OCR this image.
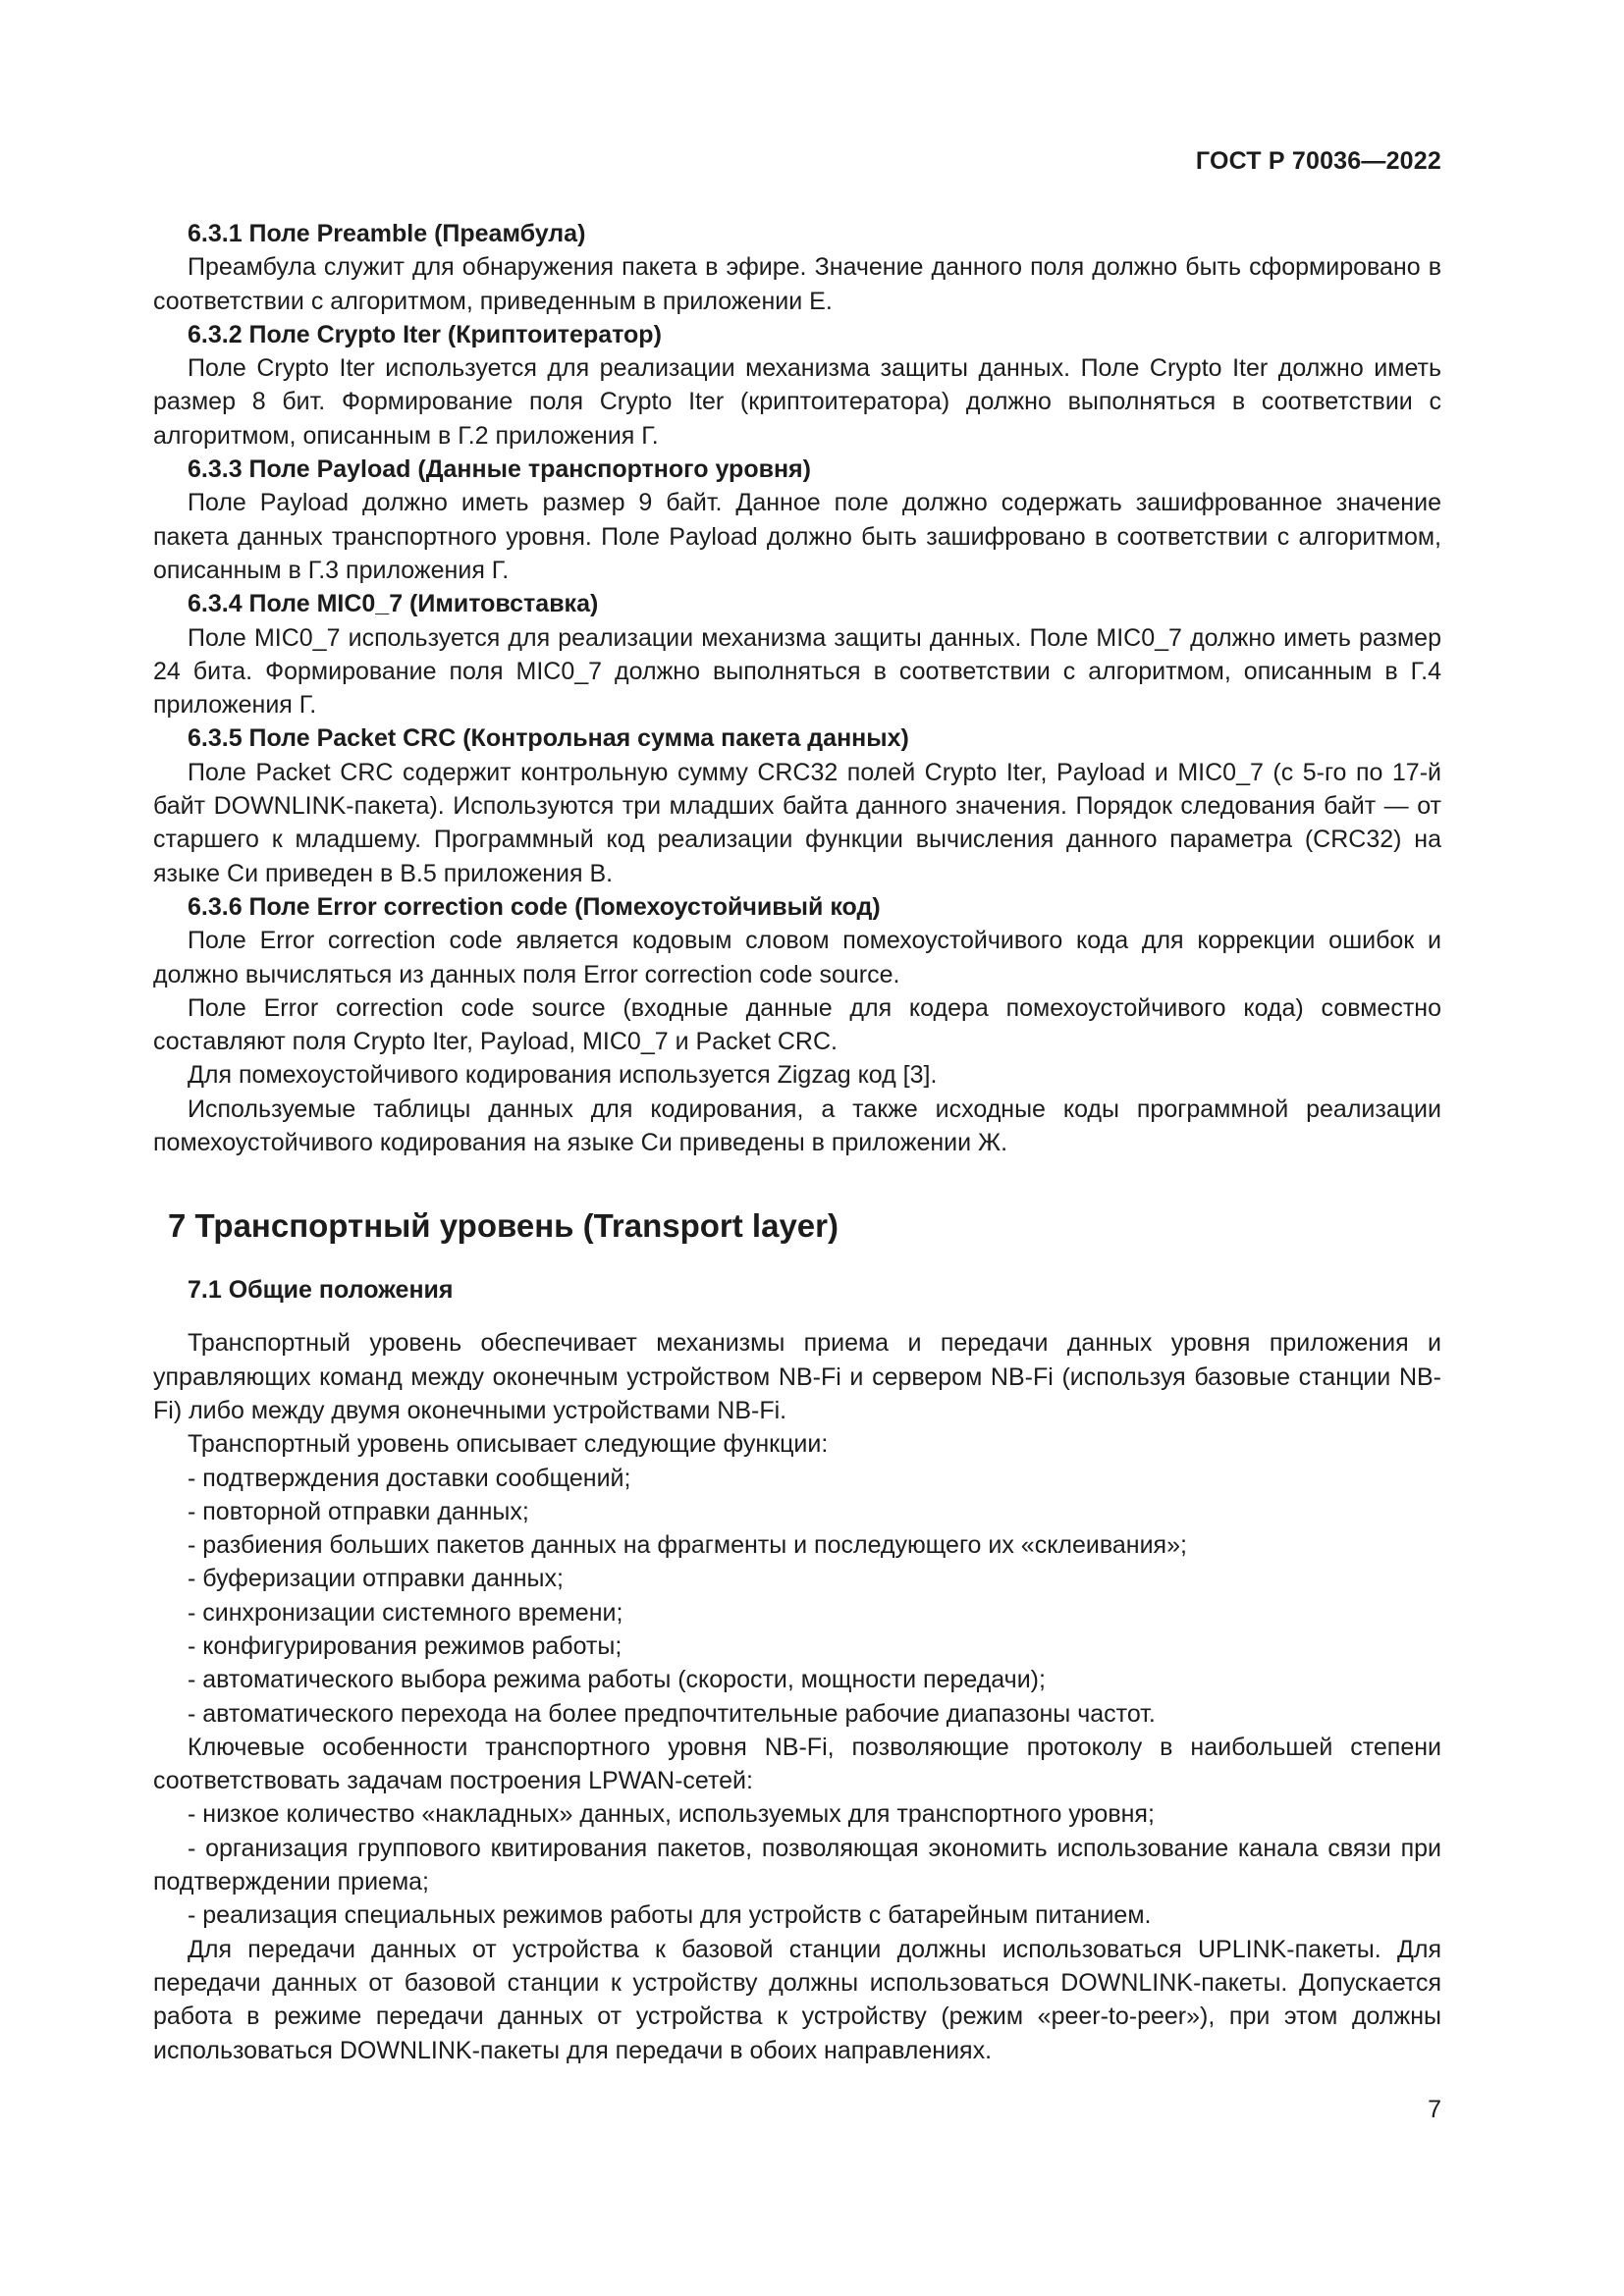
ГОСТ Р 70036—2022
6.3.1 Поле Preamble (Преамбула)

Преамбула служит для обнаружения пакета в эфире. Значение данного поля должно быть сформировано в соответствии с алгоритмом, приведенным в приложении Е.

6.3.2 Поле Crypto Iter (Криптоитератор)

Поле Crypto Iter используется для реализации механизма защиты данных. Поле Crypto Iter должно иметь размер 8 бит. Формирование поля Crypto Iter (криптоитератора) должно выполняться в соответствии с алгоритмом, описанным в Г.2 приложения Г.

6.3.3 Поле Payload (Данные транспортного уровня)

Поле Payload должно иметь размер 9 байт. Данное поле должно содержать зашифрованное значение пакета данных транспортного уровня. Поле Payload должно быть зашифровано в соответствии с алгоритмом, описанным в Г.3 приложения Г.

6.3.4 Поле MIC0_7 (Имитовставка)

Поле MIC0_7 используется для реализации механизма защиты данных. Поле MIC0_7 должно иметь размер 24 бита. Формирование поля MIC0_7 должно выполняться в соответствии с алгоритмом, описанным в Г.4 приложения Г.

6.3.5 Поле Packet CRC (Контрольная сумма пакета данных)

Поле Packet CRC содержит контрольную сумму CRC32 полей Crypto Iter, Payload и MIC0_7 (с 5-го по 17-й байт DOWNLINK-пакета). Используются три младших байта данного значения. Порядок следования байт — от старшего к младшему. Программный код реализации функции вычисления данного параметра (CRC32) на языке Си приведен в В.5 приложения В.

6.3.6 Поле Error correction code (Помехоустойчивый код)

Поле Error correction code является кодовым словом помехоустойчивого кода для коррекции ошибок и должно вычисляться из данных поля Error correction code source.

Поле Error correction code source (входные данные для кодера помехоустойчивого кода) совместно составляют поля Crypto Iter, Payload, MIC0_7 и Packet CRC.

Для помехоустойчивого кодирования используется Zigzag код [3].

Используемые таблицы данных для кодирования, а также исходные коды программной реализации помехоустойчивого кодирования на языке Си приведены в приложении Ж.

7 Транспортный уровень (Transport layer)
7.1 Общие положения

Транспортный уровень обеспечивает механизмы приема и передачи данных уровня приложения и управляющих команд между оконечным устройством NB-Fi и сервером NB-Fi (используя базовые станции NB-Fi) либо между двумя оконечными устройствами NB-Fi.

Транспортный уровень описывает следующие функции:

- подтверждения доставки сообщений;

- повторной отправки данных;

- разбиения больших пакетов данных на фрагменты и последующего их «склеивания»;

- буферизации отправки данных;

- синхронизации системного времени;

- конфигурирования режимов работы;

- автоматического выбора режима работы (скорости, мощности передачи);

- автоматического перехода на более предпочтительные рабочие диапазоны частот.

Ключевые особенности транспортного уровня NB-Fi, позволяющие протоколу в наибольшей степени соответствовать задачам построения LPWAN-сетей:

- низкое количество «накладных» данных, используемых для транспортного уровня;

- организация группового квитирования пакетов, позволяющая экономить использование канала связи при подтверждении приема;

- реализация специальных режимов работы для устройств с батарейным питанием.

Для передачи данных от устройства к базовой станции должны использоваться UPLINK-пакеты. Для передачи данных от базовой станции к устройству должны использоваться DOWNLINK-пакеты. Допускается работа в режиме передачи данных от устройства к устройству (режим «peer-to-peer»), при этом должны использоваться DOWNLINK-пакеты для передачи в обоих направлениях.

7
